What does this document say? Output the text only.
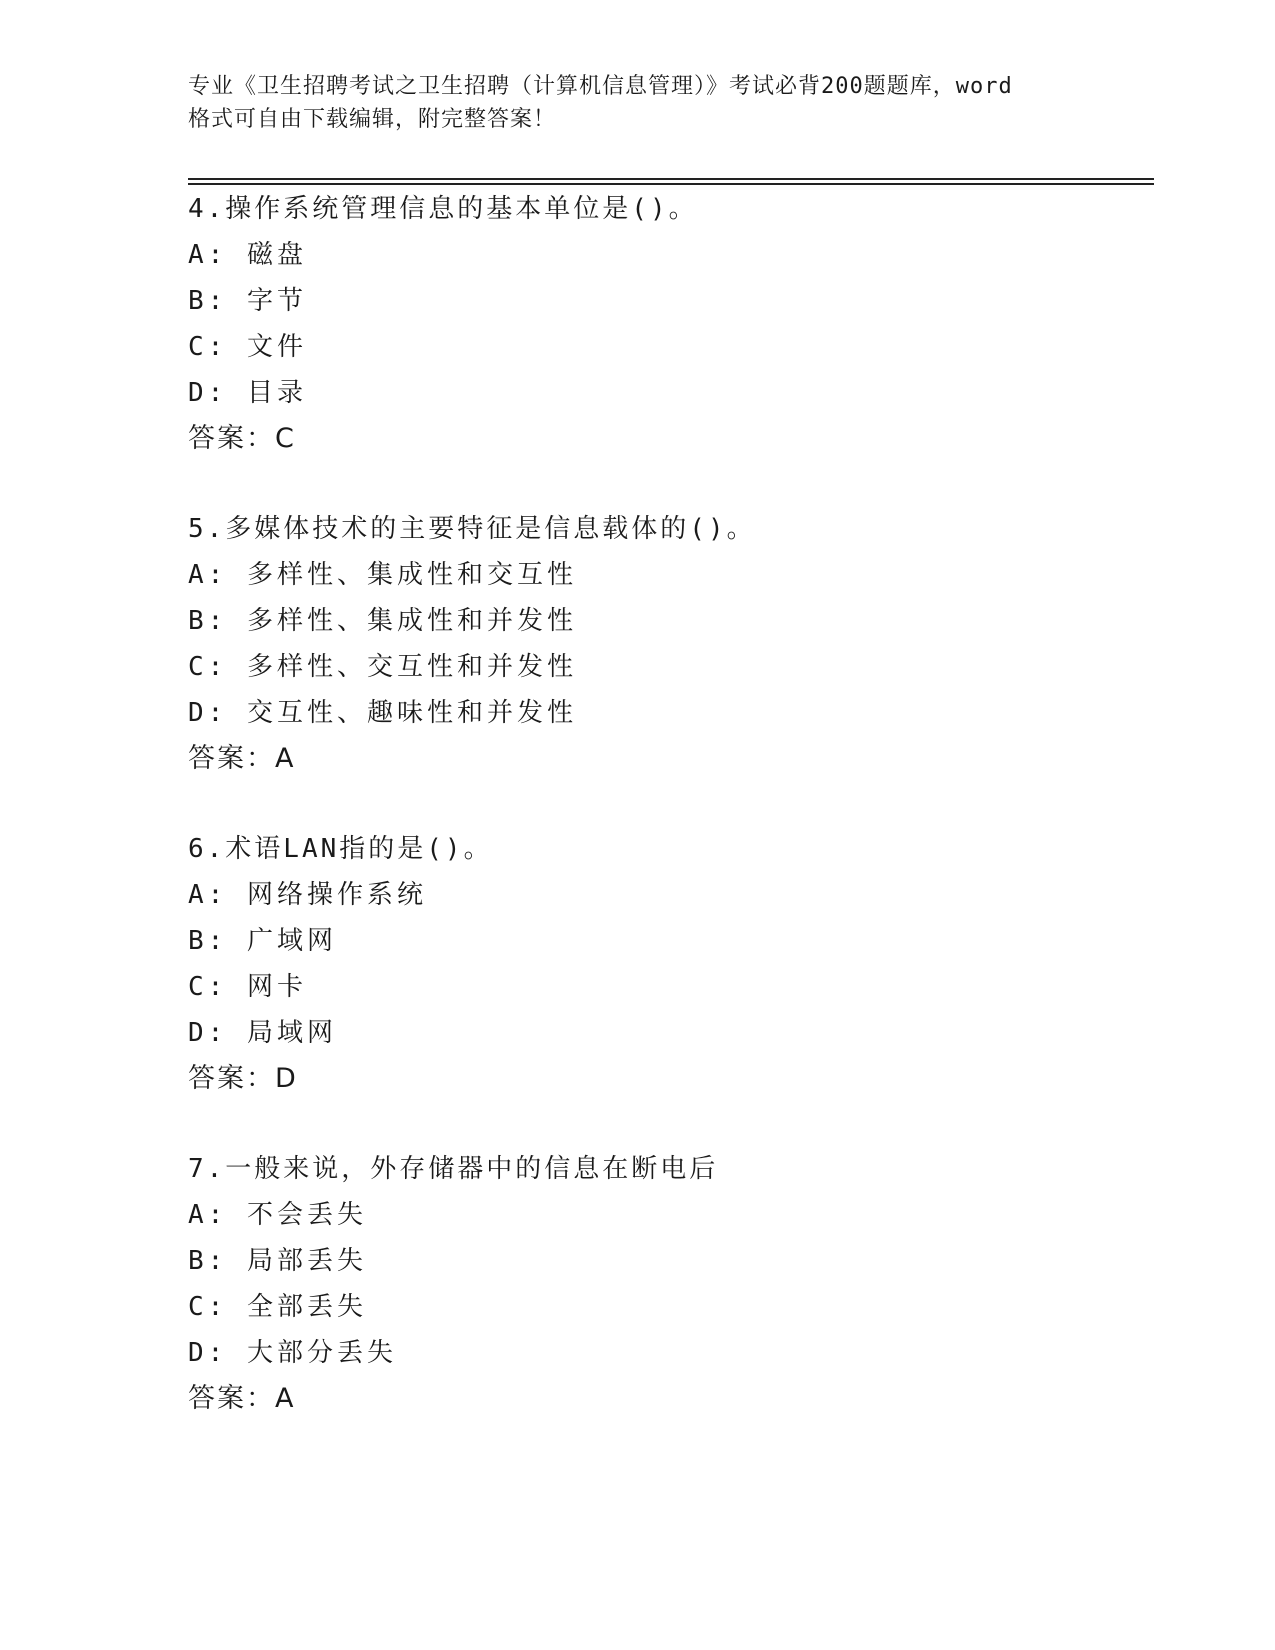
专业《卫生招聘考试之卫生招聘（计算机信息管理）》考试必背200题题库，word
格式可自由下载编辑，附完整答案！
4.操作系统管理信息的基本单位是()。
A: 磁盘
B: 字节
C: 文件
D: 目录
答案：C
5.多媒体技术的主要特征是信息载体的()。
A: 多样性、集成性和交互性
B: 多样性、集成性和并发性
C: 多样性、交互性和并发性
D: 交互性、趣味性和并发性
答案：A
6.术语LAN指的是()。
A: 网络操作系统
B: 广域网
C: 网卡
D: 局域网
答案：D
7.一般来说，外存储器中的信息在断电后
A: 不会丢失
B: 局部丢失
C: 全部丢失
D: 大部分丢失
答案：A
